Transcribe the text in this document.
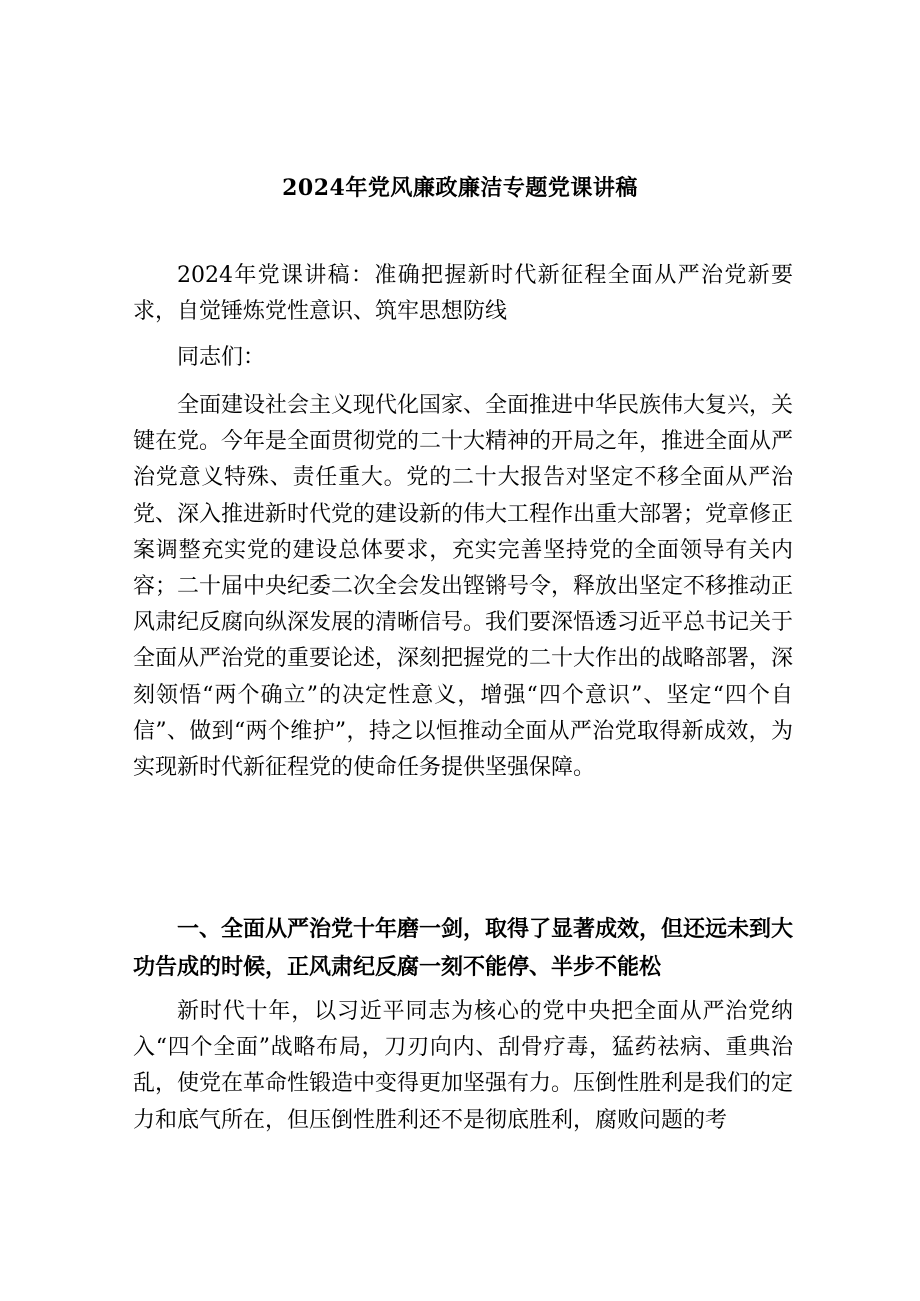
2024年党风廉政廉洁专题党课讲稿

2024年党课讲稿：准确把握新时代新征程全面从严治党新要求，自觉锤炼党性意识、筑牢思想防线

同志们：

全面建设社会主义现代化国家、全面推进中华民族伟大复兴，关键在党。今年是全面贯彻党的二十大精神的开局之年，推进全面从严治党意义特殊、责任重大。党的二十大报告对坚定不移全面从严治党、深入推进新时代党的建设新的伟大工程作出重大部署；党章修正案调整充实党的建设总体要求，充实完善坚持党的全面领导有关内容；二十届中央纪委二次全会发出铿锵号令，释放出坚定不移推动正风肃纪反腐向纵深发展的清晰信号。我们要深悟透习近平总书记关于全面从严治党的重要论述，深刻把握党的二十大作出的战略部署，深刻领悟“两个确立”的决定性意义，增强“四个意识”、坚定“四个自信”、做到“两个维护”，持之以恒推动全面从严治党取得新成效，为实现新时代新征程党的使命任务提供坚强保障。

一、全面从严治党十年磨一剑，取得了显著成效，但还远未到大功告成的时候，正风肃纪反腐一刻不能停、半步不能松

新时代十年，以习近平同志为核心的党中央把全面从严治党纳入“四个全面”战略布局，刀刃向内、刮骨疗毒，猛药祛病、重典治乱，使党在革命性锻造中变得更加坚强有力。压倒性胜利是我们的定力和底气所在，但压倒性胜利还不是彻底胜利，腐败问题的考
